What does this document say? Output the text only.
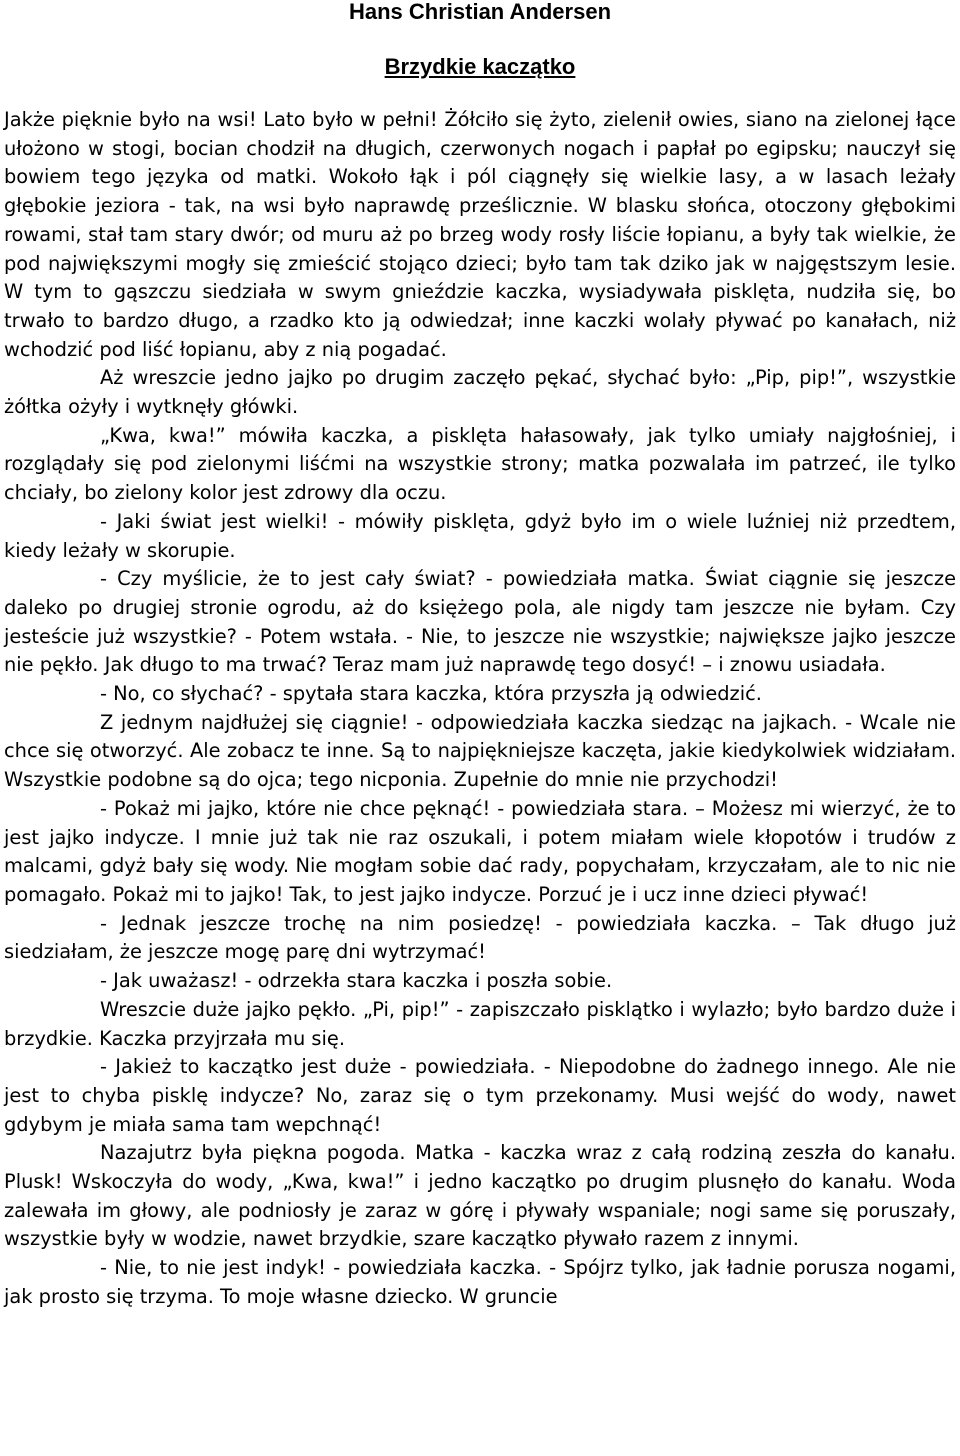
Hans Christian Andersen
Brzydkie kaczątko

Jakże pięknie było na wsi! Lato było w pełni! Żółciło się żyto, zielenił owies, siano na zielonej łące ułożono w stogi, bocian chodził na długich, czerwonych nogach i papłał po egipsku; nauczył się bowiem tego języka od matki. Wokoło łąk i pól ciągnęły się wielkie lasy, a w lasach leżały głębokie jeziora - tak, na wsi było naprawdę prześlicznie. W blasku słońca, otoczony głębokimi rowami, stał tam stary dwór; od muru aż po brzeg wody rosły liście łopianu, a były tak wielkie, że pod największymi mogły się zmieścić stojąco dzieci; było tam tak dziko jak w najgęstszym lesie. W tym to gąszczu siedziała w swym gnieździe kaczka, wysiadywała pisklęta, nudziła się, bo trwało to bardzo długo, a rzadko kto ją odwiedzał; inne kaczki wolały pływać po kanałach, niż wchodzić pod liść łopianu, aby z nią pogadać.

Aż wreszcie jedno jajko po drugim zaczęło pękać, słychać było: „Pip, pip!”, wszystkie żółtka ożyły i wytknęły główki.

„Kwa, kwa!” mówiła kaczka, a pisklęta hałasowały, jak tylko umiały najgłośniej, i rozglądały się pod zielonymi liśćmi na wszystkie strony; matka pozwalała im patrzeć, ile tylko chciały, bo zielony kolor jest zdrowy dla oczu.

- Jaki świat jest wielki! - mówiły pisklęta, gdyż było im o wiele luźniej niż przedtem, kiedy leżały w skorupie.

- Czy myślicie, że to jest cały świat? - powiedziała matka. Świat ciągnie się jeszcze daleko po drugiej stronie ogrodu, aż do księżego pola, ale nigdy tam jeszcze nie byłam. Czy jesteście już wszystkie? - Potem wstała. - Nie, to jeszcze nie wszystkie; największe jajko jeszcze nie pękło. Jak długo to ma trwać? Teraz mam już naprawdę tego dosyć! – i znowu usiadała.

- No, co słychać? - spytała stara kaczka, która przyszła ją odwiedzić.

Z jednym najdłużej się ciągnie! - odpowiedziała kaczka siedząc na jajkach. - Wcale nie chce się otworzyć. Ale zobacz te inne. Są to najpiękniejsze kaczęta, jakie kiedykolwiek widziałam. Wszystkie podobne są do ojca; tego nicponia. Zupełnie do mnie nie przychodzi!

- Pokaż mi jajko, które nie chce pęknąć! - powiedziała stara. – Możesz mi wierzyć, że to jest jajko indycze. I mnie już tak nie raz oszukali, i potem miałam wiele kłopotów i trudów z malcami, gdyż bały się wody. Nie mogłam sobie dać rady, popychałam, krzyczałam, ale to nic nie pomagało. Pokaż mi to jajko! Tak, to jest jajko indycze. Porzuć je i ucz inne dzieci pływać!

- Jednak jeszcze trochę na nim posiedzę! - powiedziała kaczka. – Tak długo już siedziałam, że jeszcze mogę parę dni wytrzymać!

- Jak uważasz! - odrzekła stara kaczka i poszła sobie.

Wreszcie duże jajko pękło. „Pi, pip!” - zapiszczało pisklątko i wylazło; było bardzo duże i brzydkie. Kaczka przyjrzała mu się.

- Jakież to kaczątko jest duże - powiedziała. - Niepodobne do żadnego innego. Ale nie jest to chyba pisklę indycze? No, zaraz się o tym przekonamy. Musi wejść do wody, nawet gdybym je miała sama tam wepchnąć!

Nazajutrz była piękna pogoda. Matka - kaczka wraz z całą rodziną zeszła do kanału. Plusk! Wskoczyła do wody, „Kwa, kwa!” i jedno kaczątko po drugim plusnęło do kanału. Woda zalewała im głowy, ale podniosły je zaraz w górę i pływały wspaniale; nogi same się poruszały, wszystkie były w wodzie, nawet brzydkie, szare kaczątko pływało razem z innymi.

- Nie, to nie jest indyk! - powiedziała kaczka. - Spójrz tylko, jak ładnie porusza nogami, jak prosto się trzyma. To moje własne dziecko. W gruncie
